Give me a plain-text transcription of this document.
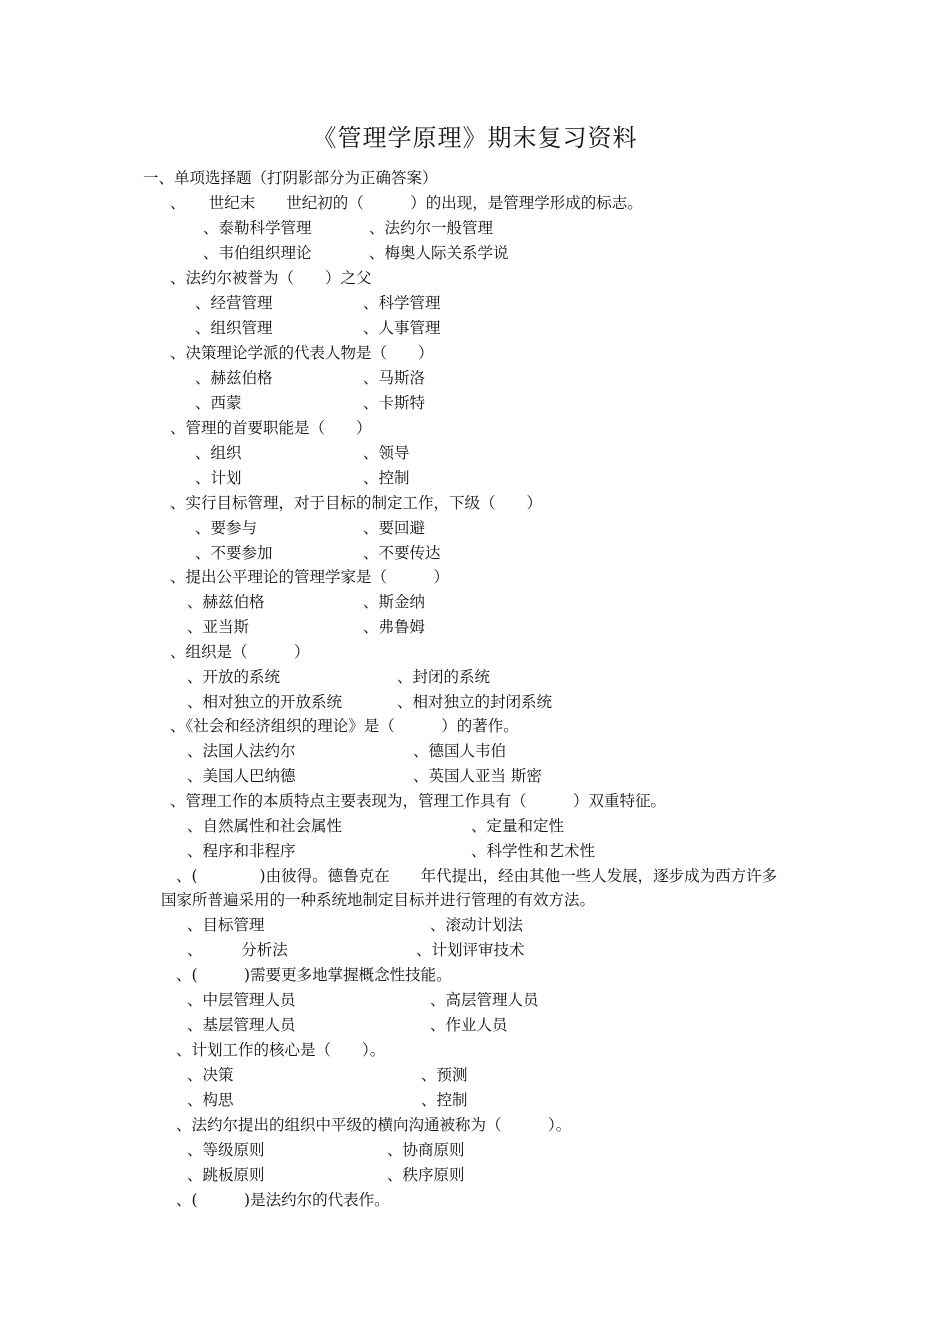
《管理学原理》期末复习资料
一、单项选择题（打阴影部分为正确答案）
、　　世纪末　　世纪初的（　　　）的出现，是管理学形成的标志。
、泰勒科学管理	、法约尔一般管理
、韦伯组织理论	、梅奥人际关系学说
、法约尔被誉为（　　）之父
、经营管理	、科学管理
、组织管理	、人事管理
、决策理论学派的代表人物是（　　）
、赫兹伯格	、马斯洛
、西蒙	、卡斯特
、管理的首要职能是（　　）
、组织	、领导
、计划	、控制
、实行目标管理，对于目标的制定工作，下级（　　）
、要参与	、要回避
、不要参加	、不要传达
、提出公平理论的管理学家是（　　　）
、赫兹伯格	、斯金纳
、亚当斯	、弗鲁姆
、组织是（　　　）
、开放的系统	、封闭的系统
、相对独立的开放系统	、相对独立的封闭系统
、《社会和经济组织的理论》是（　　　）的著作。
、法国人法约尔	、德国人韦伯
、美国人巴纳德	、英国人亚当 斯密
、管理工作的本质特点主要表现为，管理工作具有（　　　）双重特征。
、自然属性和社会属性	、定量和定性
、程序和非程序	、科学性和艺术性
、(　　　　)由彼得。德鲁克在　　年代提出，经由其他一些人发展，逐步成为西方许多
国家所普遍采用的一种系统地制定目标并进行管理的有效方法。
、目标管理	、滚动计划法
、　　　分析法	、计划评审技术
、(　　　)需要更多地掌握概念性技能。
、中层管理人员	、高层管理人员
、基层管理人员	、作业人员
、计划工作的核心是（　　）。
、决策	、预测
、构思	、控制
、法约尔提出的组织中平级的横向沟通被称为（　　　）。
、等级原则	、协商原则
、跳板原则	、秩序原则
、(　　　)是法约尔的代表作。
